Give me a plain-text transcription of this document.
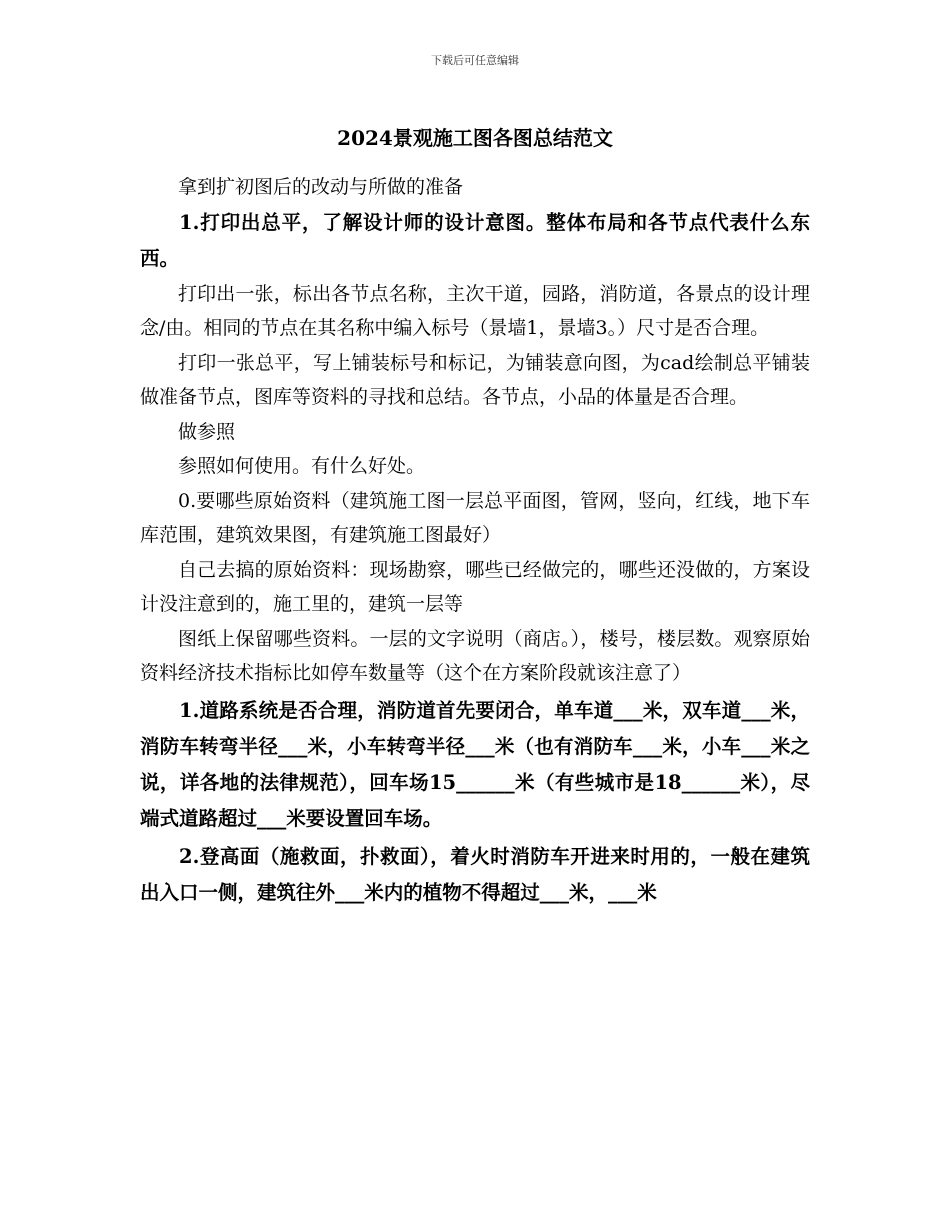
下载后可任意编辑
2024景观施工图各图总结范文

拿到扩初图后的改动与所做的准备

1.打印出总平，了解设计师的设计意图。整体布局和各节点代表什么东西。

打印出一张，标出各节点名称，主次干道，园路，消防道，各景点的设计理念/由。相同的节点在其名称中编入标号（景墙1，景墙3。）尺寸是否合理。

打印一张总平，写上铺装标号和标记，为铺装意向图，为cad绘制总平铺装做准备节点，图库等资料的寻找和总结。各节点，小品的体量是否合理。

做参照

参照如何使用。有什么好处。

0.要哪些原始资料（建筑施工图一层总平面图，管网，竖向，红线，地下车库范围，建筑效果图，有建筑施工图最好）

自己去搞的原始资料：现场勘察，哪些已经做完的，哪些还没做的，方案设计没注意到的，施工里的，建筑一层等

图纸上保留哪些资料。一层的文字说明（商店。），楼号，楼层数。观察原始资料经济技术指标比如停车数量等（这个在方案阶段就该注意了）

1.道路系统是否合理，消防道首先要闭合，单车道___米，双车道___米，消防车转弯半径___米，小车转弯半径___米（也有消防车___米，小车___米之说，详各地的法律规范），回车场15______米（有些城市是18______米），尽端式道路超过___米要设置回车场。

2.登高面（施救面，扑救面），着火时消防车开进来时用的，一般在建筑出入口一侧，建筑往外___米内的植物不得超过___米，___米
